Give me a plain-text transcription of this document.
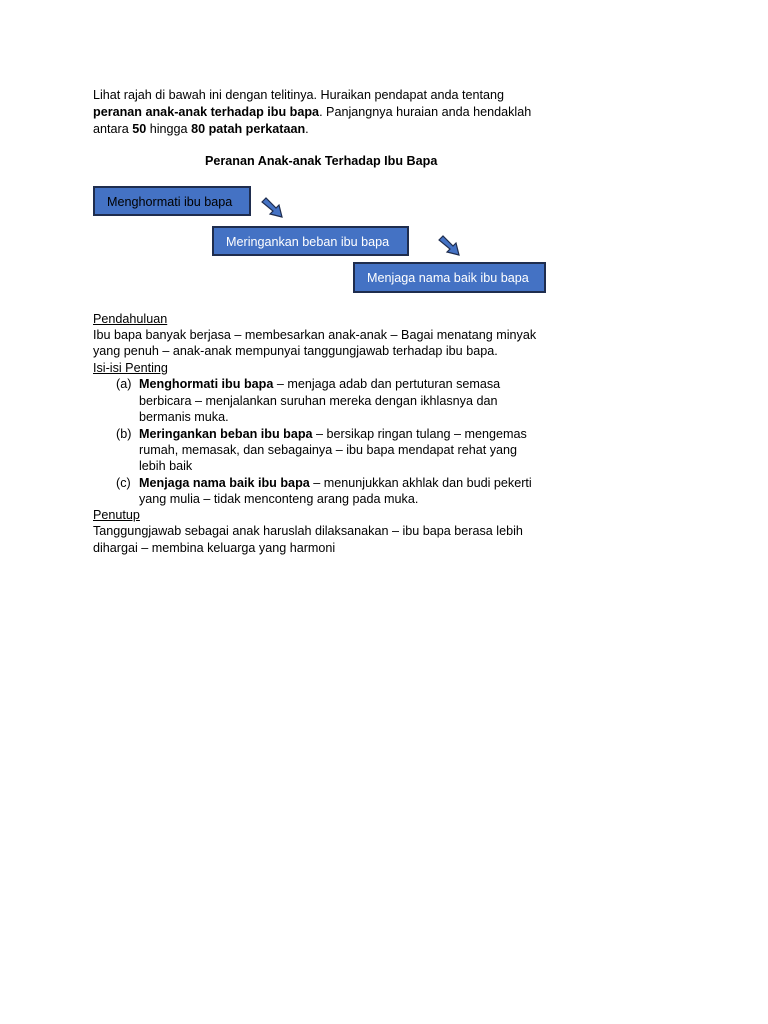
Lihat rajah di bawah ini dengan telitinya. Huraikan pendapat anda tentang
peranan anak-anak terhadap ibu bapa. Panjangnya huraian anda hendaklah
antara 50 hingga 80 patah perkataan.
Peranan Anak-anak Terhadap Ibu Bapa
Menghormati ibu bapa
Meringankan beban ibu bapa
Menjaga nama baik ibu bapa
Pendahuluan
Ibu bapa banyak berjasa – membesarkan anak-anak – Bagai menatang minyak
yang penuh – anak-anak mempunyai tanggungjawab terhadap ibu bapa.
Isi-isi Penting
(a) Menghormati ibu bapa – menjaga adab dan pertuturan semasa
berbicara – menjalankan suruhan mereka dengan ikhlasnya dan
bermanis muka.
(b) Meringankan beban ibu bapa – bersikap ringan tulang – mengemas
rumah, memasak, dan sebagainya – ibu bapa mendapat rehat yang
lebih baik
(c) Menjaga nama baik ibu bapa – menunjukkan akhlak dan budi pekerti
yang mulia – tidak menconteng arang pada muka.
Penutup
Tanggungjawab sebagai anak haruslah dilaksanakan – ibu bapa berasa lebih
dihargai – membina keluarga yang harmoni
